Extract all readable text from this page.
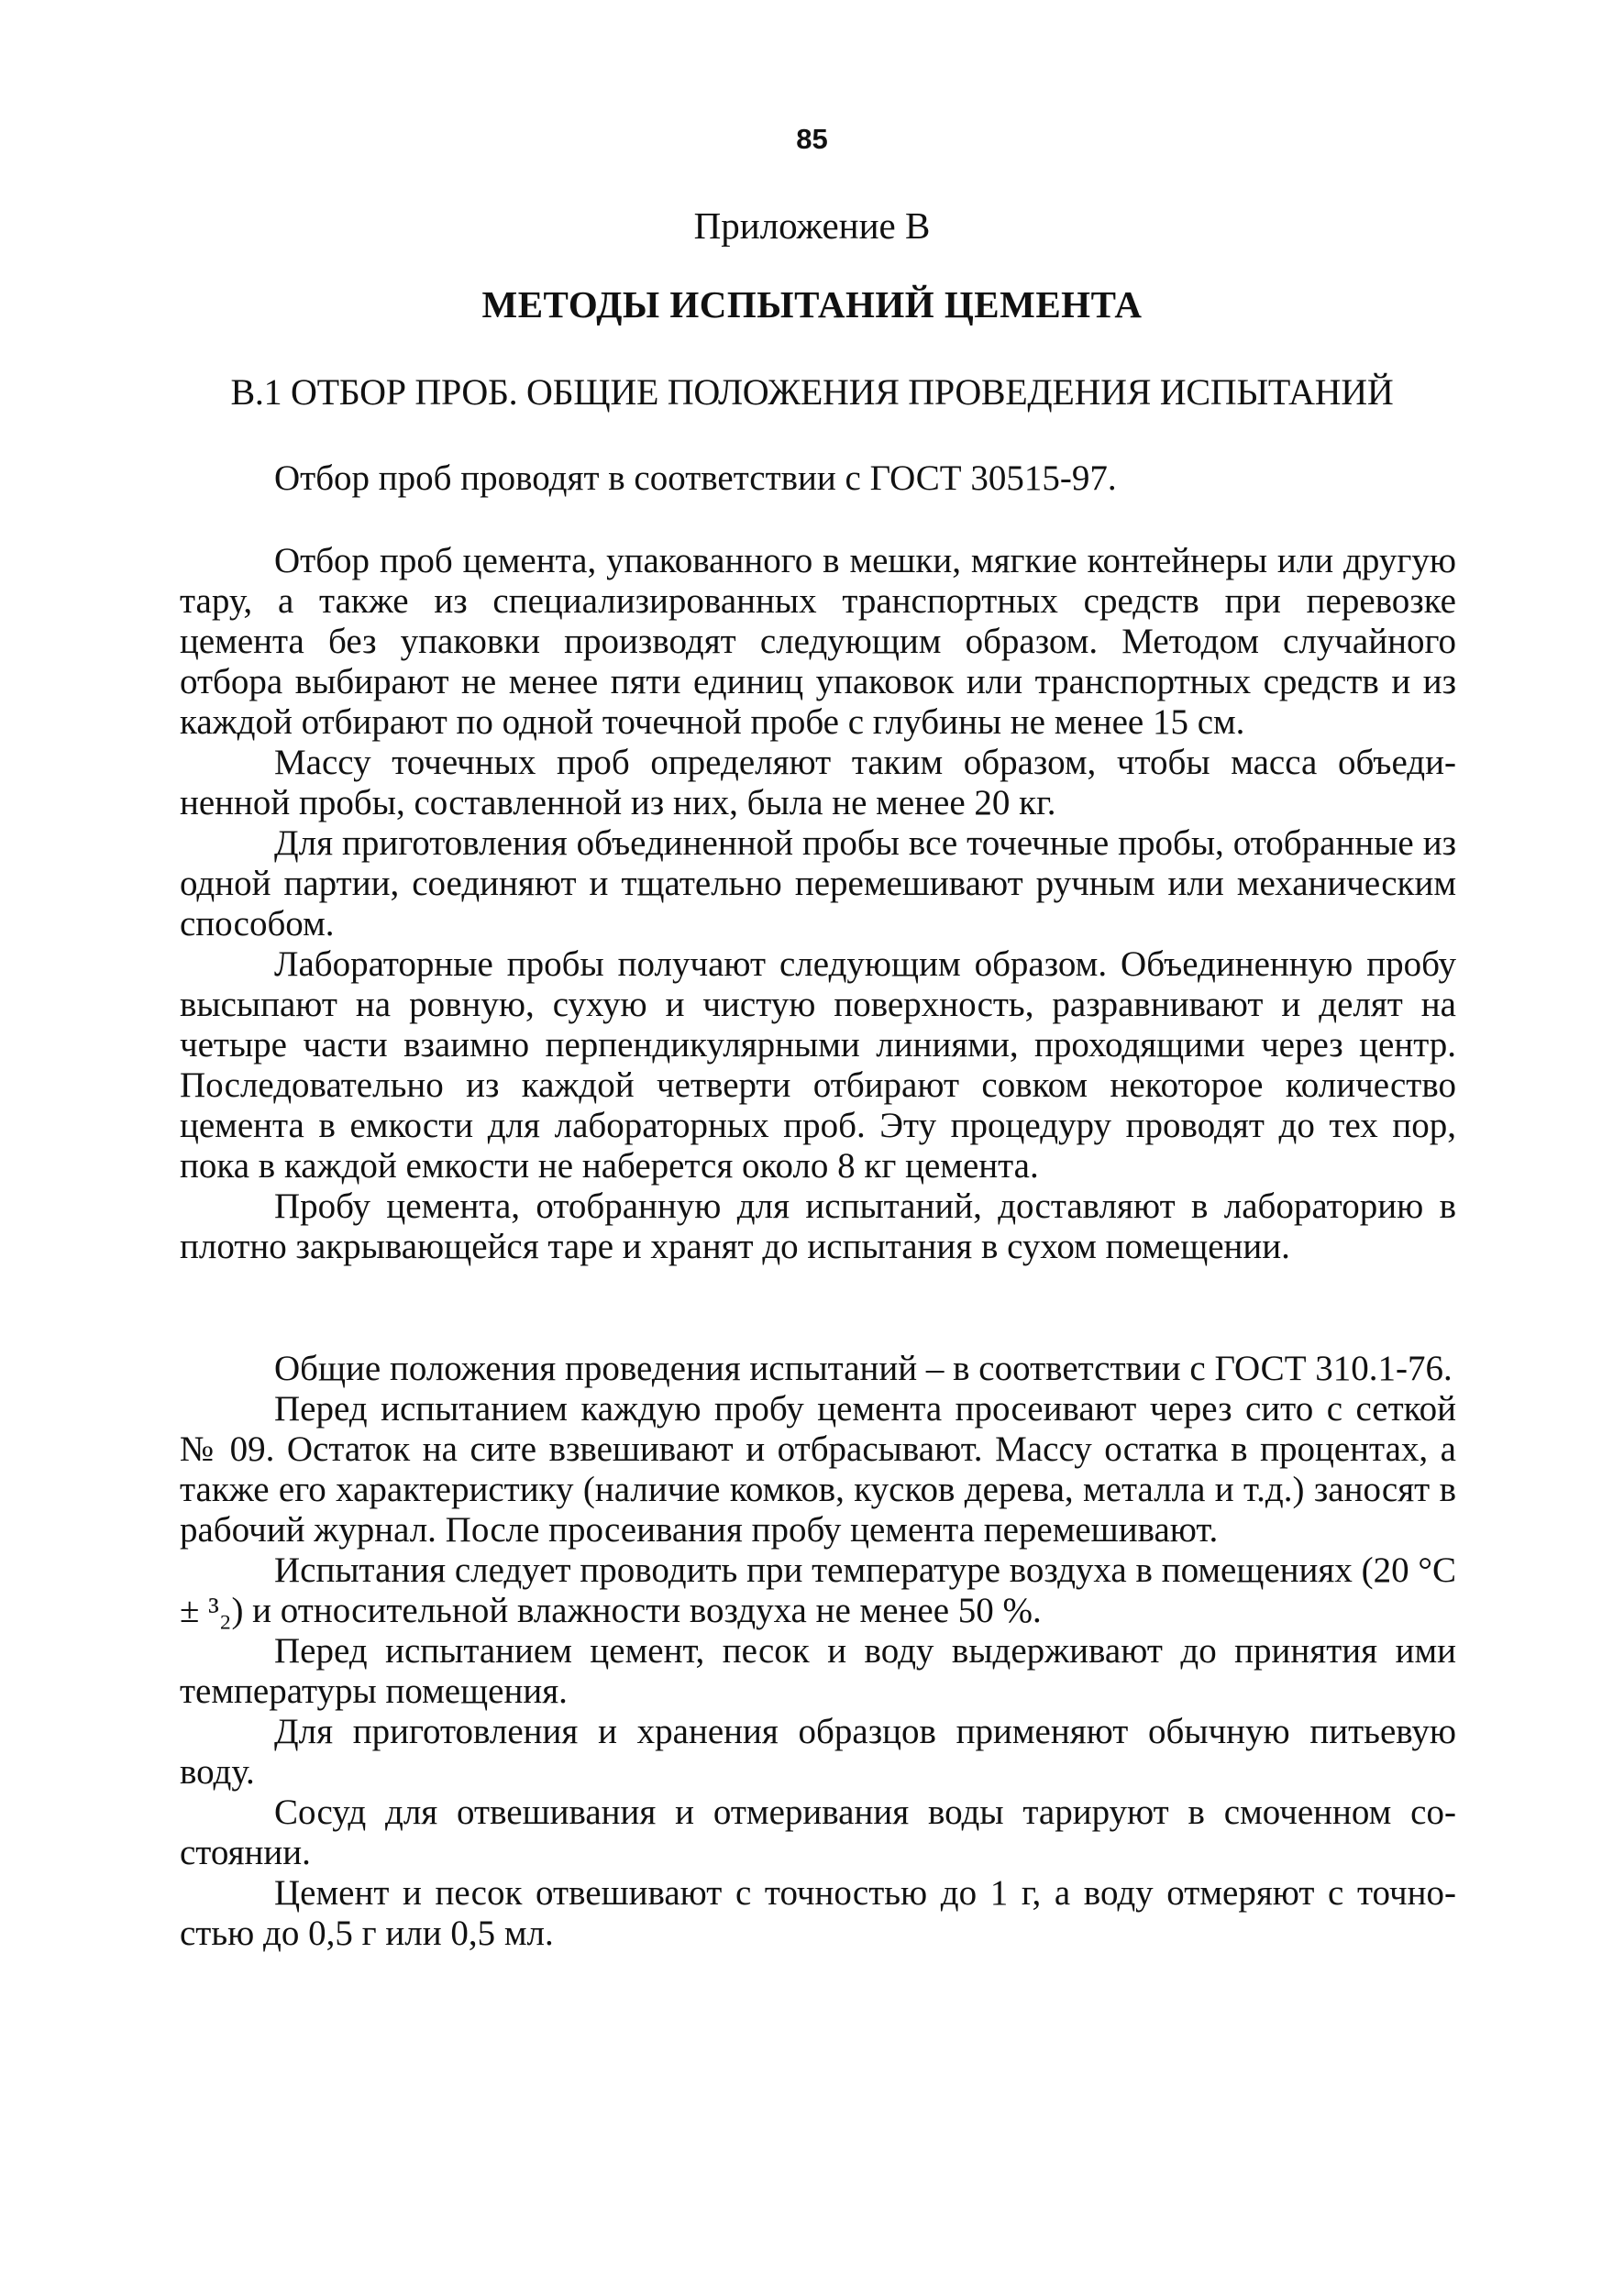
85
Приложение В
МЕТОДЫ ИСПЫТАНИЙ ЦЕМЕНТА
В.1 ОТБОР ПРОБ. ОБЩИЕ ПОЛОЖЕНИЯ ПРОВЕДЕНИЯ ИСПЫТАНИЙ

Отбор проб проводят в соответствии с ГОСТ 30515-97.

Отбор проб цемента, упакованного в мешки, мягкие контейнеры или другую тару, а также из специализированных транспортных средств при перевозке цемента без упаковки производят следующим образом. Методом случайного отбора выбирают не менее пяти единиц упаковок или транспортных средств и из каждой отбирают по одной точечной пробе с глубины не менее 15 см.

Массу точечных проб определяют таким образом, чтобы масса объединенной пробы, составленной из них, была не менее 20 кг.

Для приготовления объединенной пробы все точечные пробы, отобранные из одной партии, соединяют и тщательно перемешивают ручным или механическим способом.

Лабораторные пробы получают следующим образом. Объединенную пробу высыпают на ровную, сухую и чистую поверхность, разравнивают и делят на четыре части взаимно перпендикулярными линиями, проходящими через центр. Последовательно из каждой четверти отбирают совком некоторое количество цемента в емкости для лабораторных проб. Эту процедуру проводят до тех пор, пока в каждой емкости не наберется около 8 кг цемента.

Пробу цемента, отобранную для испытаний, доставляют в лабораторию в плотно закрывающейся таре и хранят до испытания в сухом помещении.

Общие положения проведения испытаний – в соответствии с ГОСТ 310.1-76.

Перед испытанием каждую пробу цемента просеивают через сито с сеткой № 09. Остаток на сите взвешивают и отбрасывают. Массу остатка в процентах, а также его характеристику (наличие комков, кусков дерева, металла и т.д.) заносят в рабочий журнал. После просеивания пробу цемента перемешивают.

Испытания следует проводить при температуре воздуха в помещениях (20 °C ± ³₂) и относительной влажности воздуха не менее 50 %.

Перед испытанием цемент, песок и воду выдерживают до принятия ими температуры помещения.

Для приготовления и хранения образцов применяют обычную питьевую воду.

Сосуд для отвешивания и отмеривания воды тарируют в смоченном состоянии.

Цемент и песок отвешивают с точностью до 1 г, а воду отмеряют с точностью до 0,5 г или 0,5 мл.
